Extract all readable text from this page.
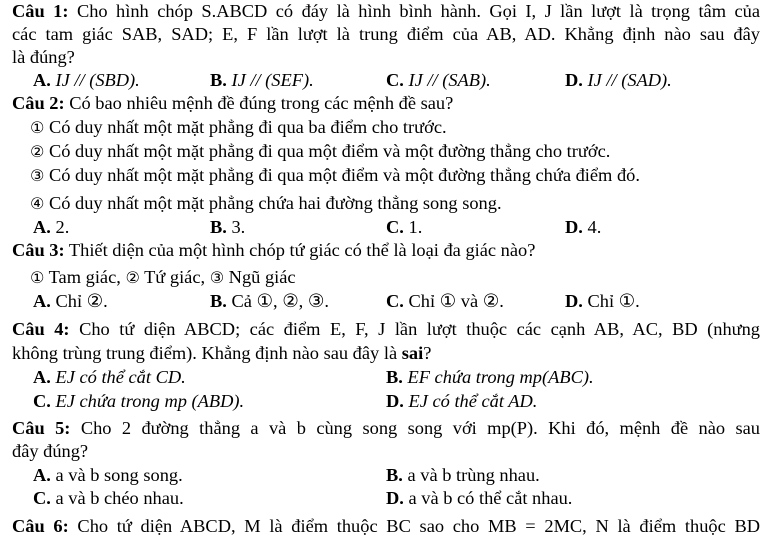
Câu 1: Cho hình chóp S.ABCD có đáy là hình bình hành. Gọi I, J lần lượt là trọng tâm của
các tam giác SAB, SAD; E, F lần lượt là trung điểm của AB, AD. Khẳng định nào sau đây
là đúng?
A. IJ // (SBD).	B. IJ // (SEF).	C. IJ // (SAB).	D. IJ // (SAD).
Câu 2: Có bao nhiêu mệnh đề đúng trong các mệnh đề sau?
① Có duy nhất một mặt phẳng đi qua ba điểm cho trước.
② Có duy nhất một mặt phẳng đi qua một điểm và một đường thẳng cho trước.
③ Có duy nhất một mặt phẳng đi qua một điểm và một đường thẳng chứa điểm đó.
④ Có duy nhất một mặt phẳng chứa hai đường thẳng song song.
A. 2.	B. 3.	C. 1.	D. 4.
Câu 3: Thiết diện của một hình chóp tứ giác có thể là loại đa giác nào?
① Tam giác, ② Tứ giác, ③ Ngũ giác
A. Chỉ ②.	B. Cả ①, ②, ③.	C. Chỉ ① và ②.	D. Chỉ ①.
Câu 4: Cho tứ diện ABCD; các điểm E, F, J lần lượt thuộc các cạnh AB, AC, BD (nhưng
không trùng trung điểm). Khẳng định nào sau đây là sai?
A. EJ có thể cắt CD.	B. EF chứa trong mp(ABC).
C. EJ chứa trong mp (ABD).	D. EJ có thể cắt AD.
Câu 5: Cho 2 đường thẳng a và b cùng song song với mp(P). Khi đó, mệnh đề nào sau
đây đúng?
A. a và b song song.	B. a và b trùng nhau.
C. a và b chéo nhau.	D. a và b có thể cắt nhau.
Câu 6: Cho tứ diện ABCD, M là điểm thuộc BC sao cho MB = 2MC, N là điểm thuộc BD
